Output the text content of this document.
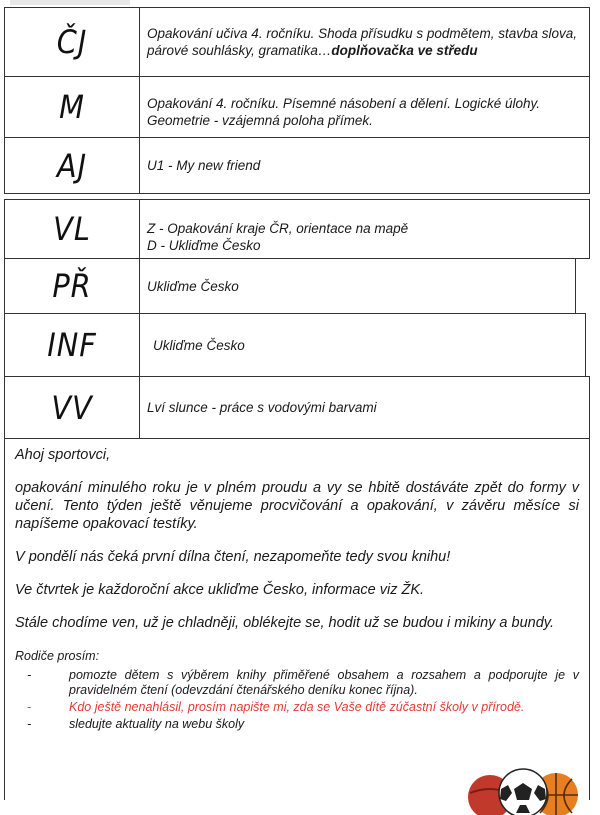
ČJ	Opakování učiva 4. ročníku. Shoda přísudku s podmětem, stavba slova, párové souhlásky, gramatika…doplňovačka ve středu
M	Opakování 4. ročníku. Písemné násobení a dělení. Logické úlohy. Geometrie - vzájemná poloha přímek.
AJ	U1 - My new friend
VL	Z - Opakování kraje ČR, orientace na mapě
D - Ukliďme Česko
PŘ	Ukliďme Česko
INF	Ukliďme Česko
VV	Lví slunce - práce s vodovými barvami

Ahoj sportovci,

opakování minulého roku je v plném proudu a vy se hbitě dostáváte zpět do formy v učení. Tento týden ještě věnujeme procvičování a opakování, v závěru měsíce si napíšeme opakovací testíky.

V pondělí nás čeká první dílna čtení, nezapomeňte tedy svou knihu!

Ve čtvrtek je každoroční akce ukliďme Česko, informace viz ŽK.

Stále chodíme ven, už je chladněji, oblékejte se, hodit už se budou i mikiny a bundy.

Rodiče prosím:
-	pomozte dětem s výběrem knihy přiměřené obsahem a rozsahem a podporujte je v pravidelném čtení (odevzdání čtenářského deníku konec října).
-	Kdo ještě nenahlásil, prosím napište mi, zda se Vaše dítě zúčastní školy v přírodě.
-	sledujte aktuality na webu školy
